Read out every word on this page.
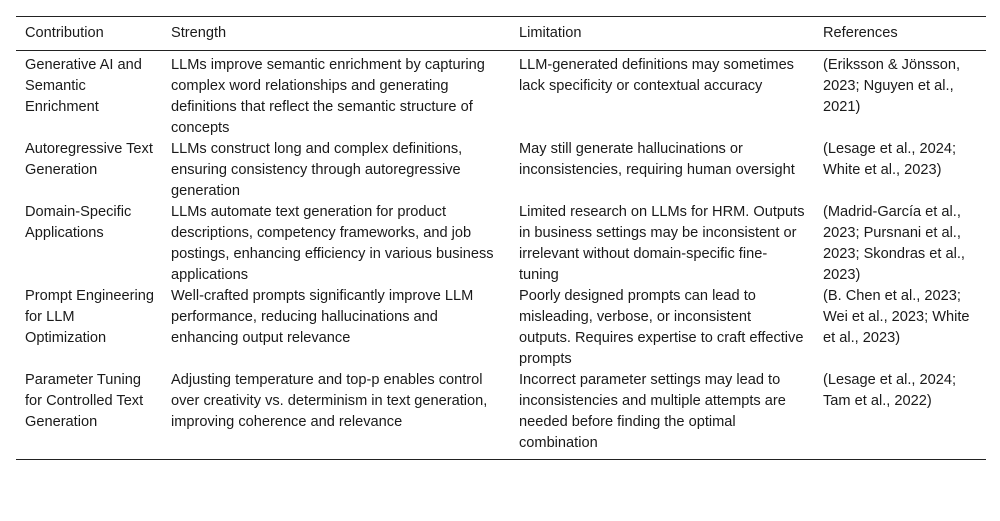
Contribution	Strength	Limitation	References
Generative AI and Semantic Enrichment	LLMs improve semantic enrichment by capturing complex word relationships and generating definitions that reflect the semantic structure of concepts	LLM-generated definitions may sometimes lack specificity or contextual accuracy	(Eriksson & Jönsson, 2023; Nguyen et al., 2021)
Autoregressive Text Generation	LLMs construct long and complex definitions, ensuring consistency through autoregressive generation	May still generate hallucinations or inconsistencies, requiring human oversight	(Lesage et al., 2024; White et al., 2023)
Domain-Specific Applications	LLMs automate text generation for product descriptions, competency frameworks, and job postings, enhancing efficiency in various business applications	Limited research on LLMs for HRM. Outputs in business settings may be inconsistent or irrelevant without domain-specific fine-tuning	(Madrid-García et al., 2023; Pursnani et al., 2023; Skondras et al., 2023)
Prompt Engineering for LLM Optimization	Well-crafted prompts significantly improve LLM performance, reducing hallucinations and enhancing output relevance	Poorly designed prompts can lead to misleading, verbose, or inconsistent outputs. Requires expertise to craft effective prompts	(B. Chen et al., 2023; Wei et al., 2023; White et al., 2023)
Parameter Tuning for Controlled Text Generation	Adjusting temperature and top-p enables control over creativity vs. determinism in text generation, improving coherence and relevance	Incorrect parameter settings may lead to inconsistencies and multiple attempts are needed before finding the optimal combination	(Lesage et al., 2024; Tam et al., 2022)
